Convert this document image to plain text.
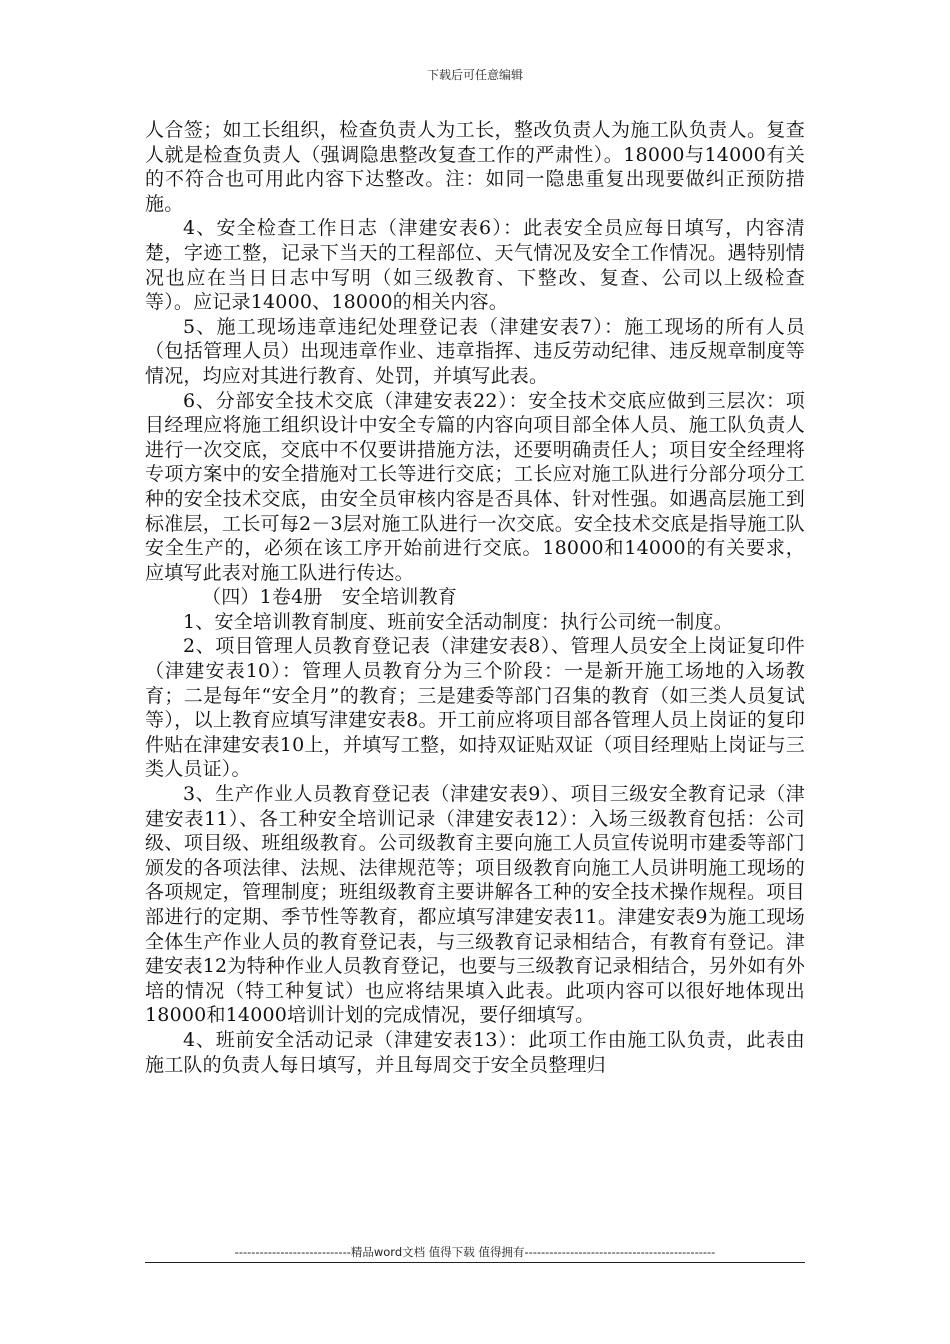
下载后可任意编辑

人合签；如工长组织，检查负责人为工长，整改负责人为施工队负责人。复查人就是检查负责人（强调隐患整改复查工作的严肃性）。18000与14000有关的不符合也可用此内容下达整改。注：如同一隐患重复出现要做纠正预防措施。

4、安全检查工作日志（津建安表6）：此表安全员应每日填写，内容清楚，字迹工整，记录下当天的工程部位、天气情况及安全工作情况。遇特别情况也应在当日日志中写明（如三级教育、下整改、复查、公司以上级检查等）。应记录14000、18000的相关内容。

5、施工现场违章违纪处理登记表（津建安表7）：施工现场的所有人员（包括管理人员）出现违章作业、违章指挥、违反劳动纪律、违反规章制度等情况，均应对其进行教育、处罚，并填写此表。

6、分部安全技术交底（津建安表22）：安全技术交底应做到三层次：项目经理应将施工组织设计中安全专篇的内容向项目部全体人员、施工队负责人进行一次交底，交底中不仅要讲措施方法，还要明确责任人；项目安全经理将专项方案中的安全措施对工长等进行交底；工长应对施工队进行分部分项分工种的安全技术交底，由安全员审核内容是否具体、针对性强。如遇高层施工到标准层，工长可每2－3层对施工队进行一次交底。安全技术交底是指导施工队安全生产的，必须在该工序开始前进行交底。18000和14000的有关要求，应填写此表对施工队进行传达。

（四）1卷4册　安全培训教育

1、安全培训教育制度、班前安全活动制度：执行公司统一制度。

2、项目管理人员教育登记表（津建安表8）、管理人员安全上岗证复印件（津建安表10）：管理人员教育分为三个阶段：一是新开施工场地的入场教育；二是每年“安全月”的教育；三是建委等部门召集的教育（如三类人员复试等），以上教育应填写津建安表8。开工前应将项目部各管理人员上岗证的复印件贴在津建安表10上，并填写工整，如持双证贴双证（项目经理贴上岗证与三类人员证）。

3、生产作业人员教育登记表（津建安表9）、项目三级安全教育记录（津建安表11）、各工种安全培训记录（津建安表12）：入场三级教育包括：公司级、项目级、班组级教育。公司级教育主要向施工人员宣传说明市建委等部门颁发的各项法律、法规、法律规范等；项目级教育向施工人员讲明施工现场的各项规定，管理制度；班组级教育主要讲解各工种的安全技术操作规程。项目部进行的定期、季节性等教育，都应填写津建安表11。津建安表9为施工现场全体生产作业人员的教育登记表，与三级教育记录相结合，有教育有登记。津建安表12为特种作业人员教育登记，也要与三级教育记录相结合，另外如有外培的情况（特工种复试）也应将结果填入此表。此项内容可以很好地体现出18000和14000培训计划的完成情况，要仔细填写。

4、班前安全活动记录（津建安表13）：此项工作由施工队负责，此表由施工队的负责人每日填写，并且每周交于安全员整理归

----------------------------精品word文档 值得下载 值得拥有----------------------------------------------
